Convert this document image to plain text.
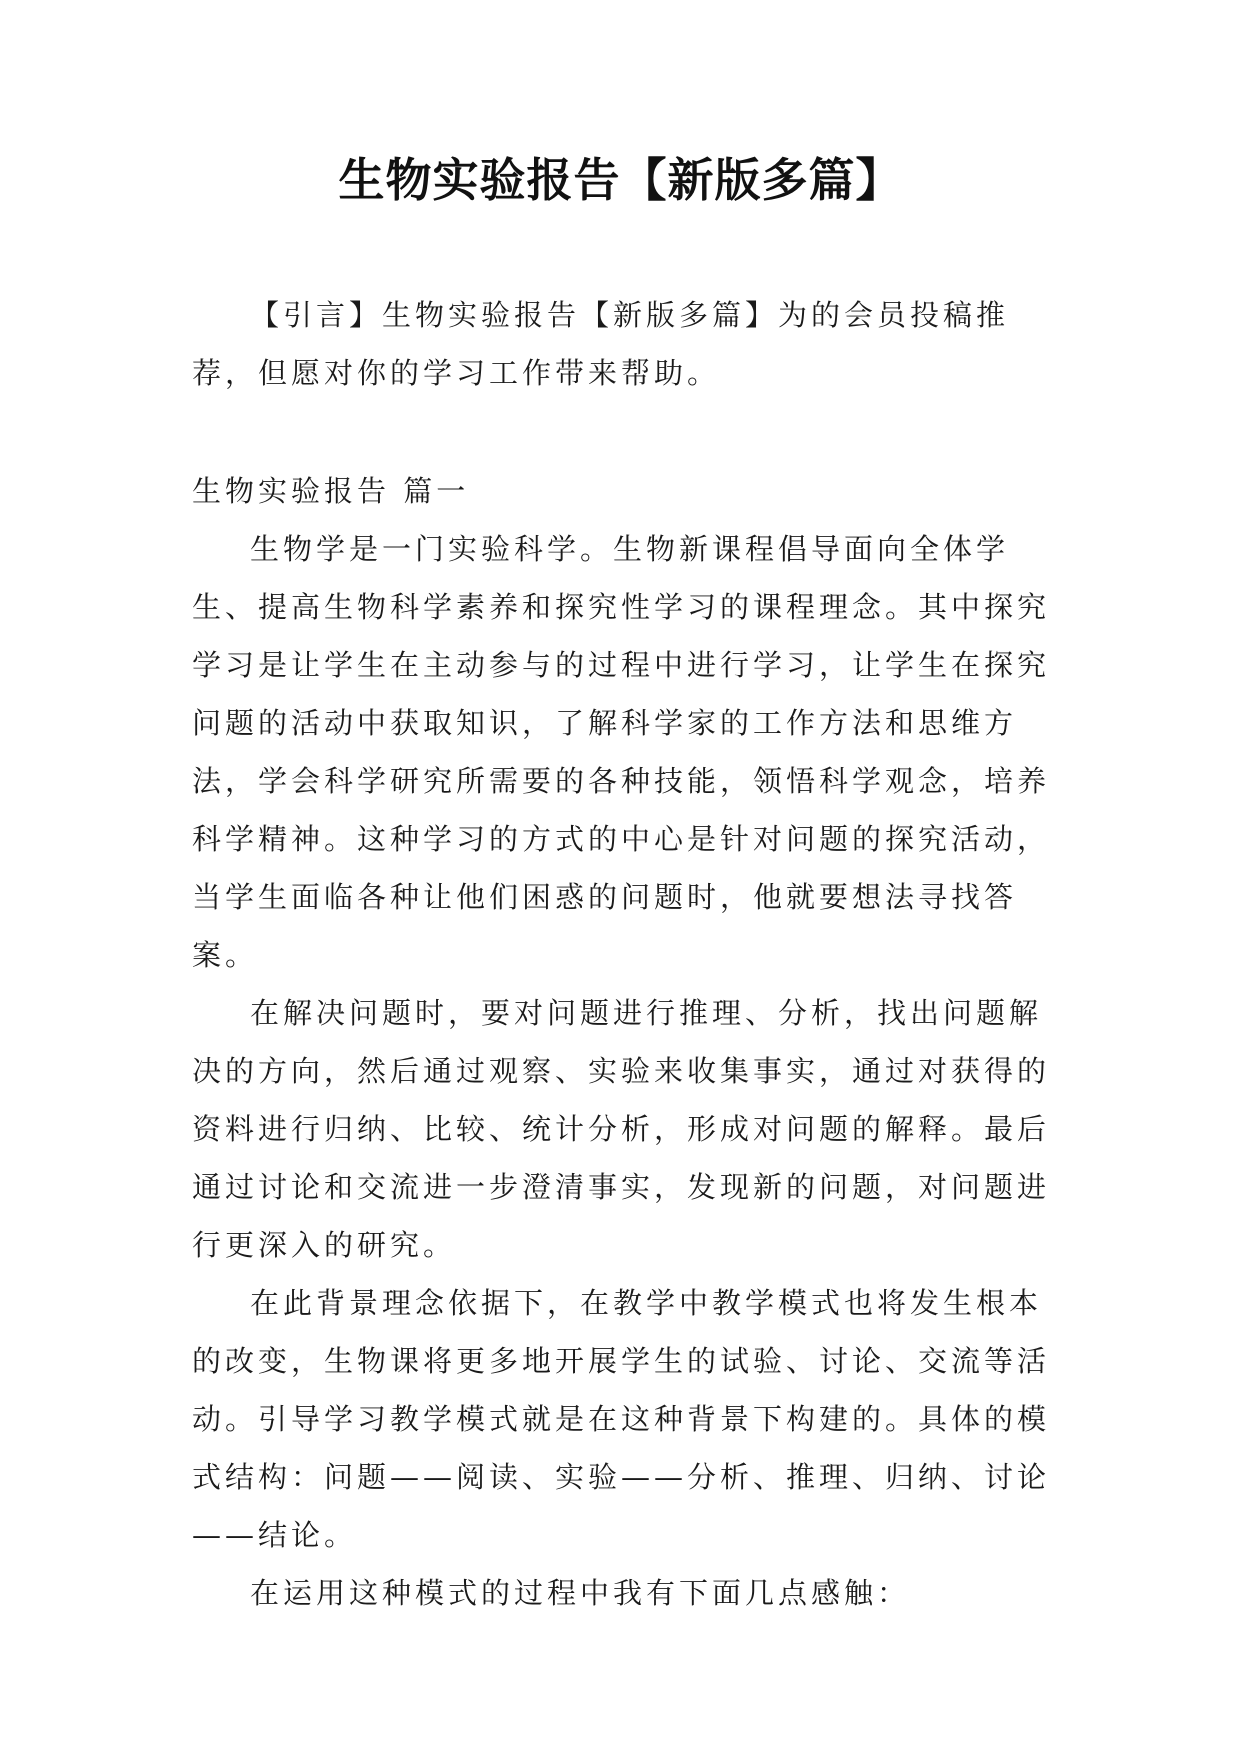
生物实验报告【新版多篇】

【引言】生物实验报告【新版多篇】为的会员投稿推荐，但愿对你的学习工作带来帮助。

生物实验报告 篇一

生物学是一门实验科学。生物新课程倡导面向全体学生、提高生物科学素养和探究性学习的课程理念。其中探究学习是让学生在主动参与的过程中进行学习，让学生在探究问题的活动中获取知识，了解科学家的工作方法和思维方法，学会科学研究所需要的各种技能，领悟科学观念，培养科学精神。这种学习的方式的中心是针对问题的探究活动，当学生面临各种让他们困惑的问题时，他就要想法寻找答案。

在解决问题时，要对问题进行推理、分析，找出问题解决的方向，然后通过观察、实验来收集事实，通过对获得的资料进行归纳、比较、统计分析，形成对问题的解释。最后通过讨论和交流进一步澄清事实，发现新的问题，对问题进行更深入的研究。

在此背景理念依据下，在教学中教学模式也将发生根本的改变，生物课将更多地开展学生的试验、讨论、交流等活动。引导学习教学模式就是在这种背景下构建的。具体的模式结构：问题——阅读、实验——分析、推理、归纳、讨论——结论。

在运用这种模式的过程中我有下面几点感触：
